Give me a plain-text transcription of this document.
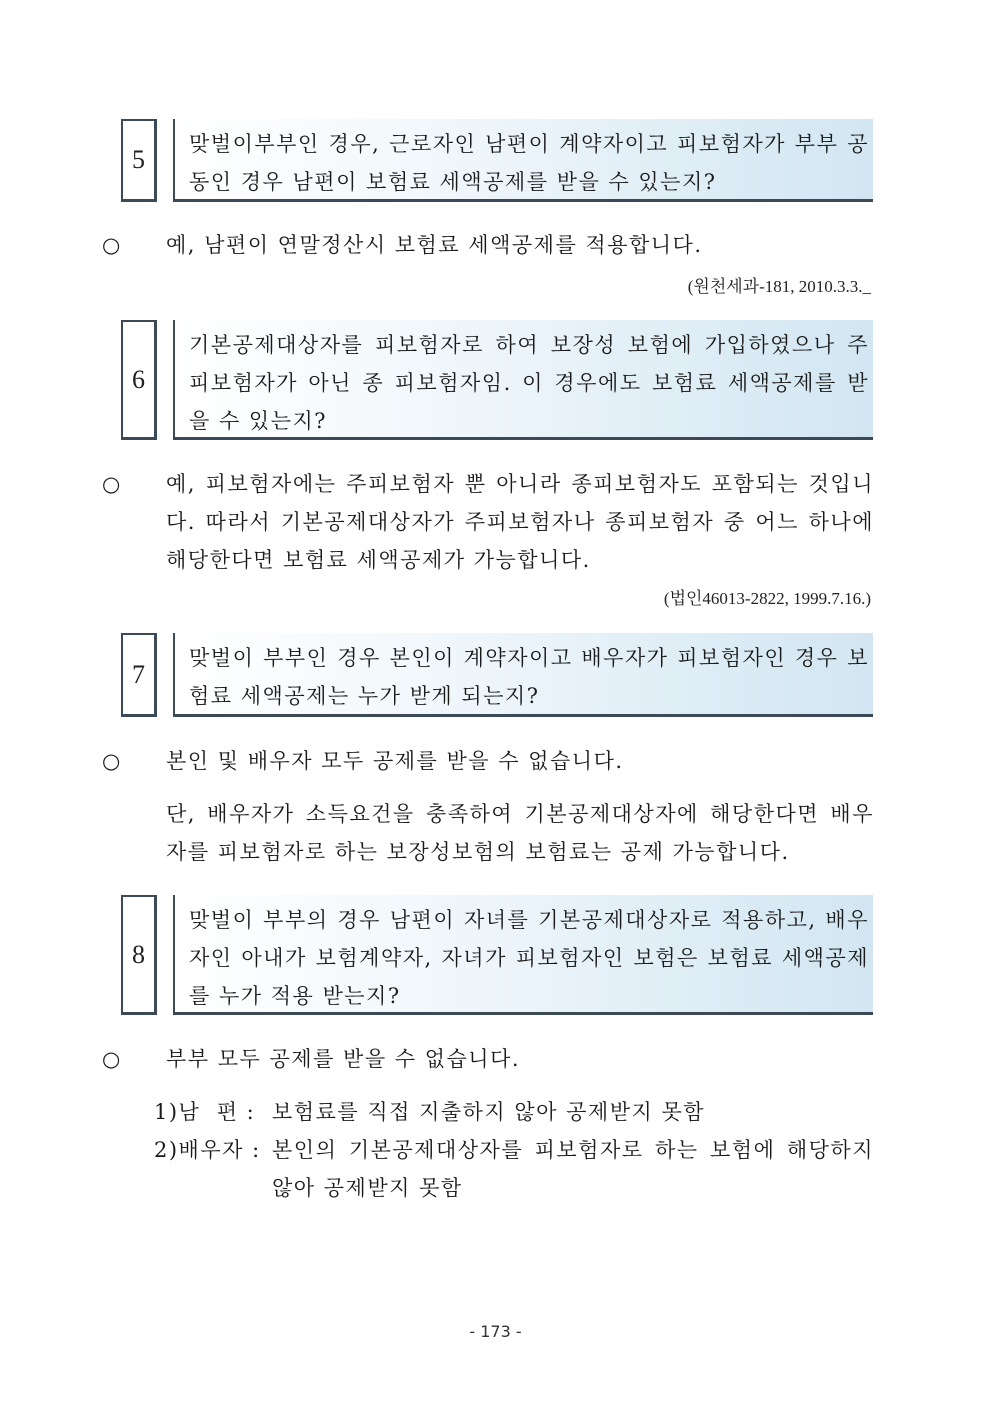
5
맞벌이부부인 경우, 근로자인 남편이 계약자이고 피보험자가 부부 공동인 경우 남편이 보험료 세액공제를 받을 수 있는지?
○ 예, 남편이 연말정산시 보험료 세액공제를 적용합니다.
(원천세과-181, 2010.3.3._
6
기본공제대상자를 피보험자로 하여 보장성 보험에 가입하였으나 주 피보험자가 아닌 종 피보험자임. 이 경우에도 보험료 세액공제를 받을 수 있는지?
○ 예, 피보험자에는 주피보험자 뿐 아니라 종피보험자도 포함되는 것입니다. 따라서 기본공제대상자가 주피보험자나 종피보험자 중 어느 하나에 해당한다면 보험료 세액공제가 가능합니다.
(법인46013-2822, 1999.7.16.)
7
맞벌이 부부인 경우 본인이 계약자이고 배우자가 피보험자인 경우 보험료 세액공제는 누가 받게 되는지?
○ 본인 및 배우자 모두 공제를 받을 수 없습니다.
단, 배우자가 소득요건을 충족하여 기본공제대상자에 해당한다면 배우자를 피보험자로 하는 보장성보험의 보험료는 공제 가능합니다.
8
맞벌이 부부의 경우 남편이 자녀를 기본공제대상자로 적용하고, 배우자인 아내가 보험계약자, 자녀가 피보험자인 보험은 보험료 세액공제를 누가 적용 받는지?
○ 부부 모두 공제를 받을 수 없습니다.
1)남  편 : 보험료를 직접 지출하지 않아 공제받지 못함
2)배우자 : 본인의 기본공제대상자를 피보험자로 하는 보험에 해당하지 않아 공제받지 못함
- 173 -
